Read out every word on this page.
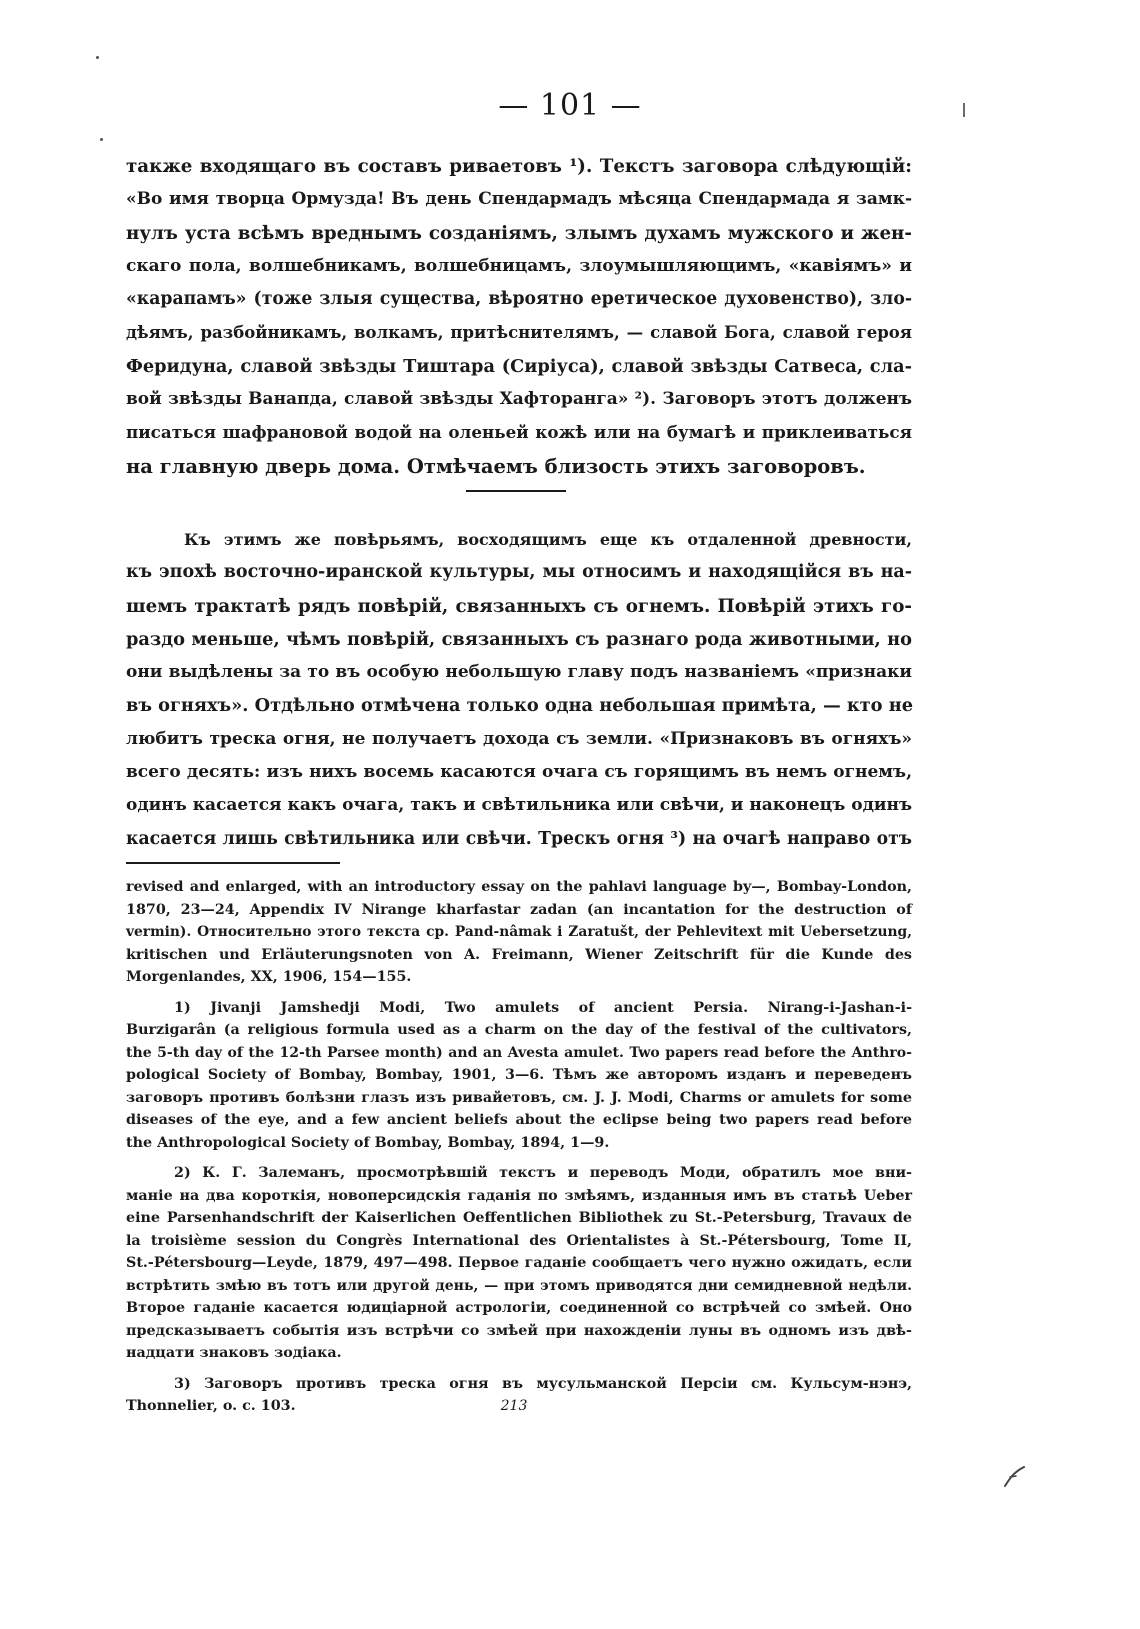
— 101 —
также входящаго въ составъ риваетовъ ¹). Текстъ заговора слѣдующій:
«Во имя творца Ормузда! Въ день Спендармадъ мѣсяца Спендармада я замк-
нулъ уста всѣмъ вреднымъ созданіямъ, злымъ духамъ мужского и жен-
скаго пола, волшебникамъ, волшебницамъ, злоумышляющимъ, «кавіямъ» и
«карапамъ» (тоже злыя существа, вѣроятно еретическое духовенство), зло-
дѣямъ, разбойникамъ, волкамъ, притѣснителямъ, — славой Бога, славой героя
Феридуна, славой звѣзды Тиштара (Сиріуса), славой звѣзды Сатвеса, сла-
вой звѣзды Ванапда, славой звѣзды Хафторанга» ²). Заговоръ этотъ долженъ
писаться шафрановой водой на оленьей кожѣ или на бумагѣ и приклеиваться
на главную дверь дома. Отмѣчаемъ близость этихъ заговоровъ.
Къ этимъ же повѣрьямъ, восходящимъ еще къ отдаленной древности,
къ эпохѣ восточно-иранской культуры, мы относимъ и находящійся въ на-
шемъ трактатѣ рядъ повѣрій, связанныхъ съ огнемъ. Повѣрій этихъ го-
раздо меньше, чѣмъ повѣрій, связанныхъ съ разнаго рода животными, но
они выдѣлены за то въ особую небольшую главу подъ названіемъ «признаки
въ огняхъ». Отдѣльно отмѣчена только одна небольшая примѣта, — кто не
любитъ треска огня, не получаетъ дохода съ земли. «Признаковъ въ огняхъ»
всего десять: изъ нихъ восемь касаются очага съ горящимъ въ немъ огнемъ,
одинъ касается какъ очага, такъ и свѣтильника или свѣчи, и наконецъ одинъ
касается лишь свѣтильника или свѣчи. Трескъ огня ³) на очагѣ направо отъ
revised and enlarged, with an introductory essay on the pahlavi language by—, Bombay-London,
1870, 23—24, Appendix IV Nirange kharfastar zadan (an incantation for the destruction of
vermin). Относительно этого текста ср. Pand-nâmak i Zaratušt, der Pehlevitext mit Uebersetzung,
kritischen und Erläuterungsnoten von A. Freimann, Wiener Zeitschrift für die Kunde des
Morgenlandes, XX, 1906, 154—155.
1) Jivanji Jamshedji Modi, Two amulets of ancient Persia. Nirang-i-Jashan-i-
Burzigarân (a religious formula used as a charm on the day of the festival of the cultivators,
the 5-th day of the 12-th Parsee month) and an Avesta amulet. Two papers read before the Anthro-
pological Society of Bombay, Bombay, 1901, 3—6. Тѣмъ же авторомъ изданъ и переведенъ
заговоръ противъ болѣзни глазъ изъ ривайетовъ, см. J. J. Modi, Charms or amulets for some
diseases of the eye, and a few ancient beliefs about the eclipse being two papers read before
the Anthropological Society of Bombay, Bombay, 1894, 1—9.
2) К. Г. Залеманъ, просмотрѣвшій текстъ и переводъ Моди, обратилъ мое вни-
маніе на два короткія, новоперсидскія гаданія по змѣямъ, изданныя имъ въ статьѣ Ueber
eine Parsenhandschrift der Kaiserlichen Oeffentlichen Bibliothek zu St.-Petersburg, Travaux de
la troisième session du Congrès International des Orientalistes à St.-Pétersbourg, Tome II,
St.-Pétersbourg—Leyde, 1879, 497—498. Первое гаданіе сообщаетъ чего нужно ожидать, если
встрѣтить змѣю въ тотъ или другой день, — при этомъ приводятся дни семидневной недѣли.
Второе гаданіе касается юдиціарной астрологіи, соединенной со встрѣчей со змѣей. Оно
предсказываетъ событія изъ встрѣчи со змѣей при нахожденіи луны въ одномъ изъ двѣ-
надцати знаковъ зодіака.
3) Заговоръ противъ треска огня въ мусульманской Персіи см. Кульсум-нэнэ,
Thonnelier, o. c. 103.	213
